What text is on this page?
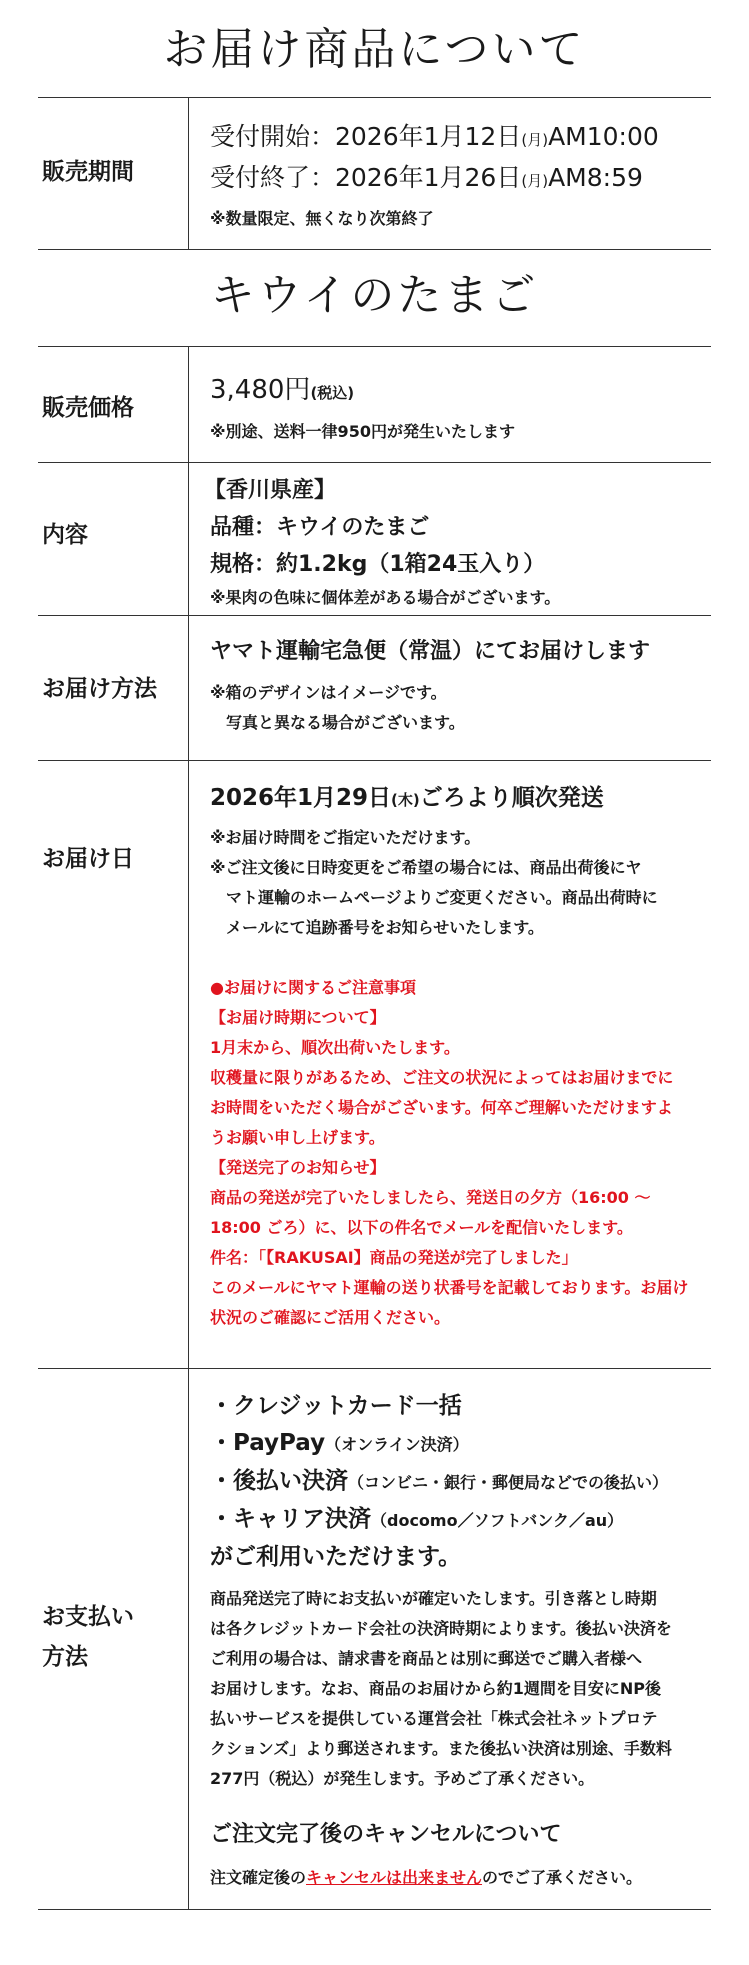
お届け商品について

販売期間

受付開始：2026年1月12日(月)AM10:00

受付終了：2026年1月26日(月)AM8:59

※数量限定、無くなり次第終了

キウイのたまご

販売価格

3,480円(税込)

※別途、送料一律950円が発生いたします

内容

【香川県産】

品種：キウイのたまご

規格：約1.2kg（1箱24玉入り）

※果肉の色味に個体差がある場合がございます。

お届け方法

ヤマト運輸宅急便（常温）にてお届けします

※箱のデザインはイメージです。

写真と異なる場合がございます。

お届け日

2026年1月29日(木)ごろより順次発送

※お届け時間をご指定いただけます。

※ご注文後に日時変更をご希望の場合には、商品出荷後にヤ

マト運輸のホームページよりご変更ください。商品出荷時に

メールにて追跡番号をお知らせいたします。

●お届けに関するご注意事項

【お届け時期について】

1月末から、順次出荷いたします。

収穫量に限りがあるため、ご注文の状況によってはお届けまでに

お時間をいただく場合がございます。何卒ご理解いただけますよ

うお願い申し上げます。

【発送完了のお知らせ】

商品の発送が完了いたしましたら、発送日の夕方（16:00 ～

18:00 ごろ）に、以下の件名でメールを配信いたします。

件名：「【RAKUSAI】商品の発送が完了しました」

このメールにヤマト運輸の送り状番号を記載しております。お届け

状況のご確認にご活用ください。

お支払い

方法

・クレジットカード一括

・PayPay（オンライン決済）

・後払い決済（コンビニ・銀行・郵便局などでの後払い）

・キャリア決済（docomo／ソフトバンク／au）

がご利用いただけます。

商品発送完了時にお支払いが確定いたします。引き落とし時期

は各クレジットカード会社の決済時期によります。後払い決済を

ご利用の場合は、請求書を商品とは別に郵送でご購入者様へ

お届けします。なお、商品のお届けから約1週間を目安にNP後

払いサービスを提供している運営会社「株式会社ネットプロテ

クションズ」より郵送されます。また後払い決済は別途、手数料

277円（税込）が発生します。予めご了承ください。

ご注文完了後のキャンセルについて

注文確定後のキャンセルは出来ませんのでご了承ください。
